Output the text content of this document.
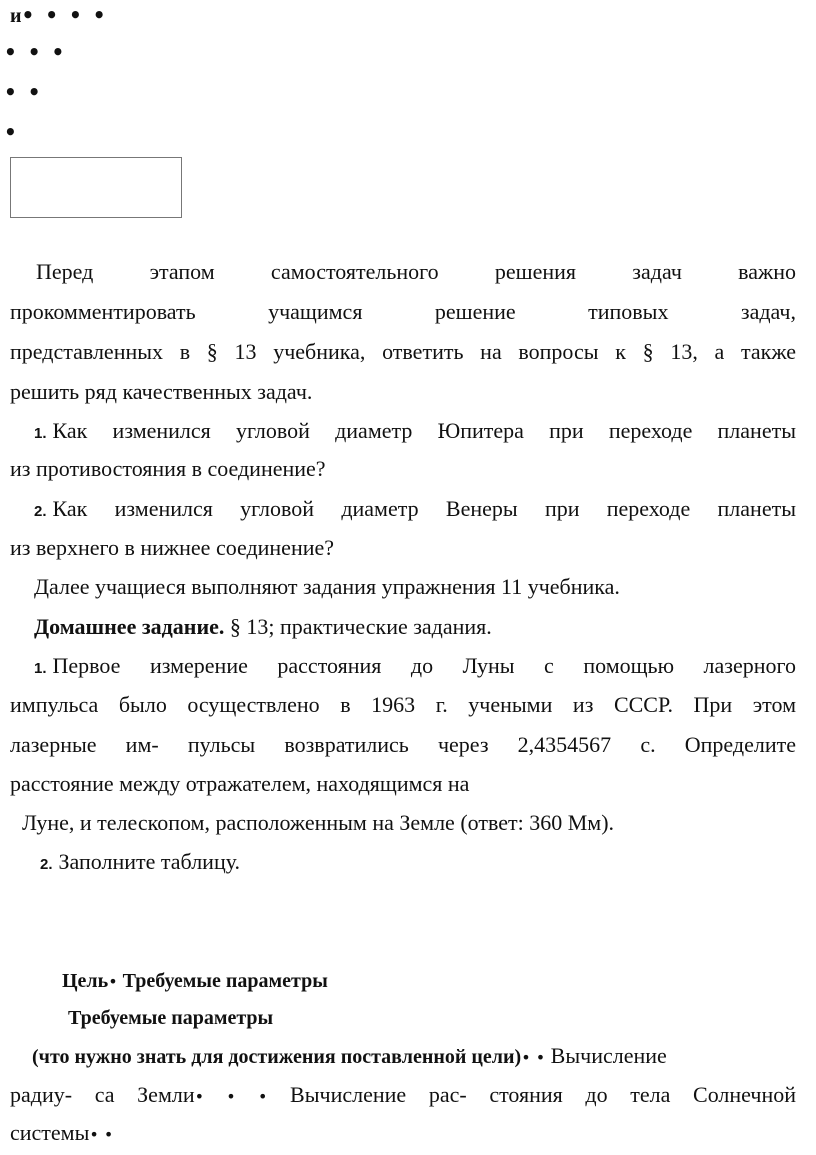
и• • • •
• • •
• •
•
Перед этапом самостоятельного решения задач важно
прокомментировать учащимся решение типовых задач,
представленных в § 13 учебника, ответить на вопросы к § 13, а также
решить ряд качественных задач.
1. Как изменился угловой диаметр Юпитера при переходе планеты
из противостояния в соединение?
2. Как изменился угловой диаметр Венеры при переходе планеты
из верхнего в нижнее соединение?
Далее учащиеся выполняют задания упражнения 11 учебника.
Домашнее задание. § 13; практические задания.
1. Первое измерение расстояния до Луны с помощью лазерного
импульса было осуществлено в 1963 г. учеными из СССР. При этом
лазерные им- пульсы возвратились через 2,4354567 с. Определите
расстояние между отражателем, находящимся на
Луне, и телескопом, расположенным на Земле (ответ: 360 Мм).
2. Заполните таблицу.
Цель• Требуемые параметры
Требуемые параметры
(что нужно знать для достижения поставленной цели)• • Вычисление
радиу- са Земли• • • Вычисление рас- стояния до тела Солнечной
системы• •
